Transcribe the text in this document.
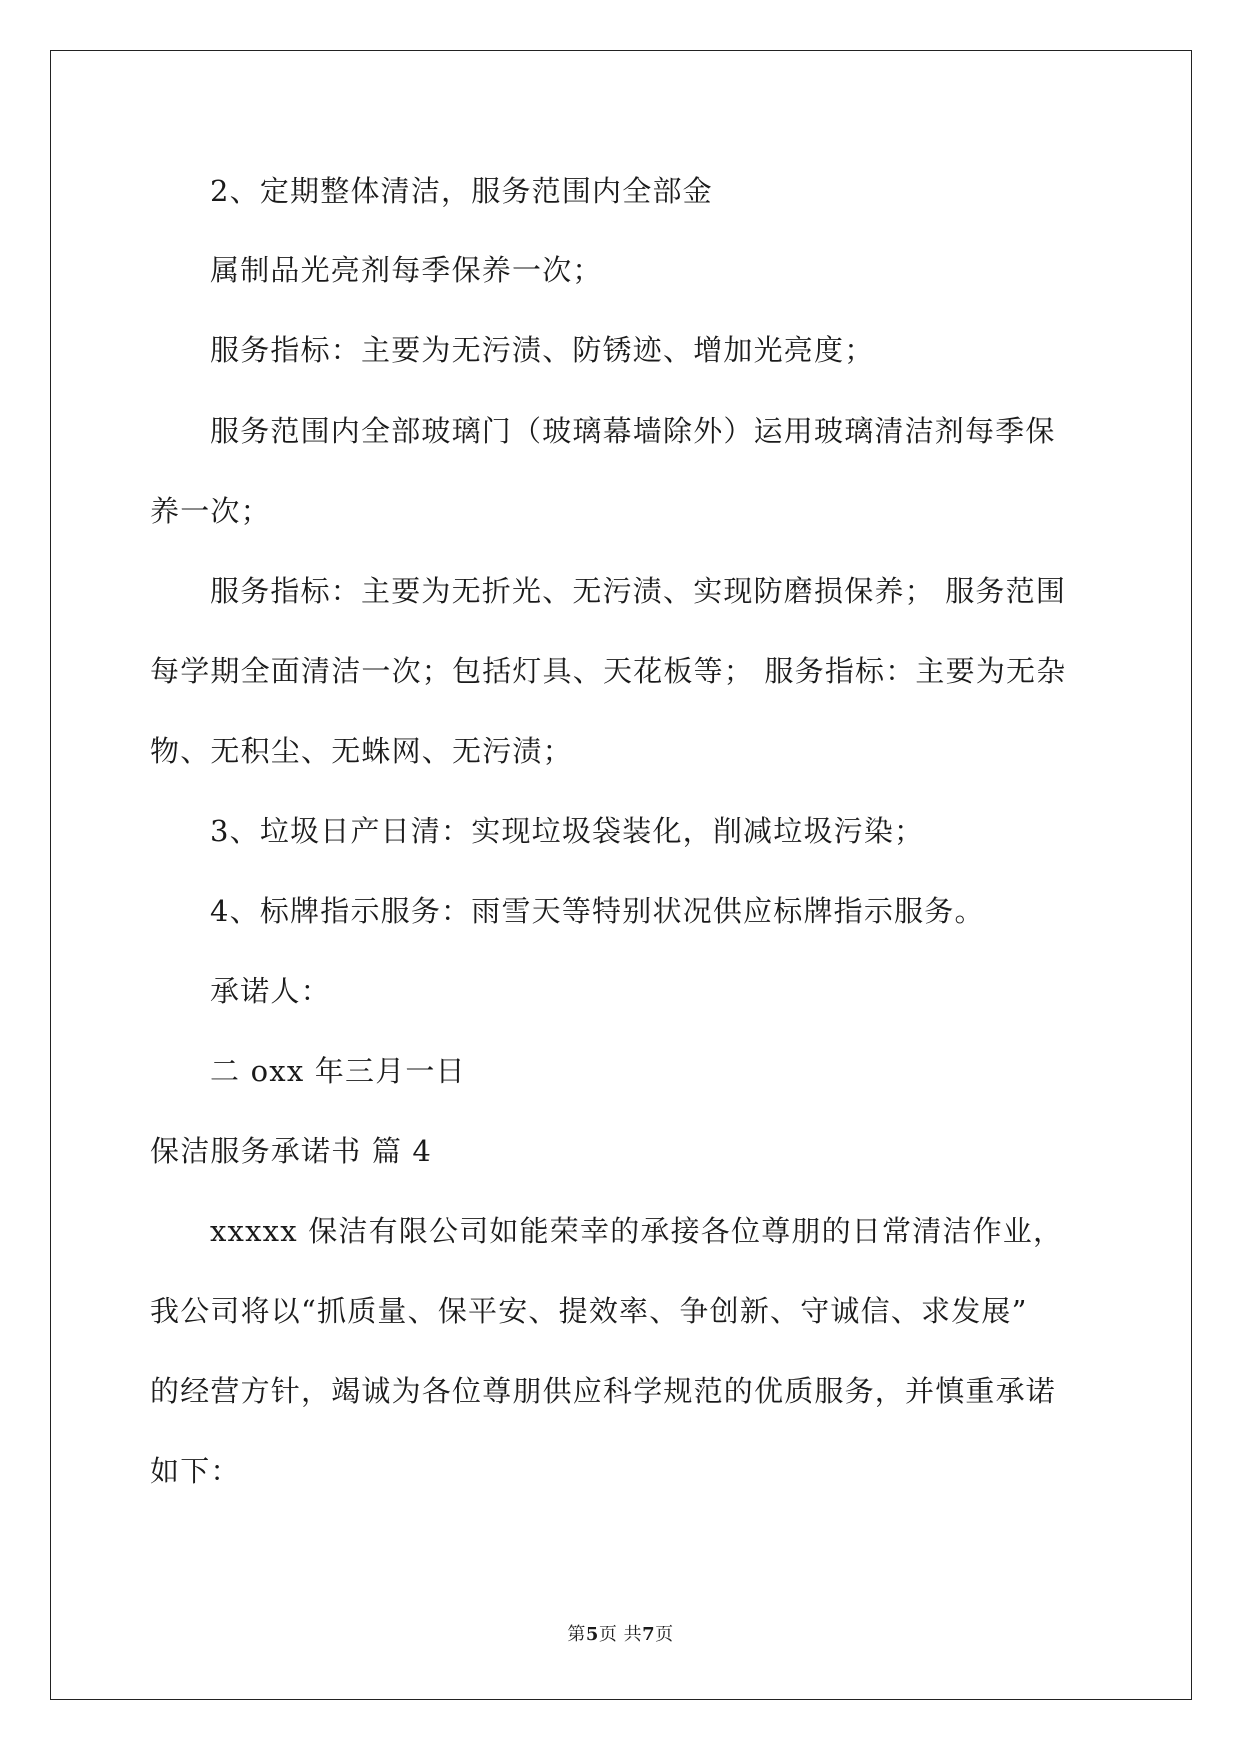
2、定期整体清洁，服务范围内全部金
属制品光亮剂每季保养一次；
服务指标：主要为无污渍、防锈迹、增加光亮度；
服务范围内全部玻璃门（玻璃幕墙除外）运用玻璃清洁剂每季保
养一次；
服务指标：主要为无折光、无污渍、实现防磨损保养； 服务范围
每学期全面清洁一次；包括灯具、天花板等； 服务指标：主要为无杂
物、无积尘、无蛛网、无污渍；
3、垃圾日产日清：实现垃圾袋装化，削减垃圾污染；
4、标牌指示服务：雨雪天等特别状况供应标牌指示服务。
承诺人：
二 oxx 年三月一日
保洁服务承诺书 篇 4
xxxxx 保洁有限公司如能荣幸的承接各位尊朋的日常清洁作业，
我公司将以“抓质量、保平安、提效率、争创新、守诚信、求发展”
的经营方针，竭诚为各位尊朋供应科学规范的优质服务，并慎重承诺
如下：
第5页 共7页
